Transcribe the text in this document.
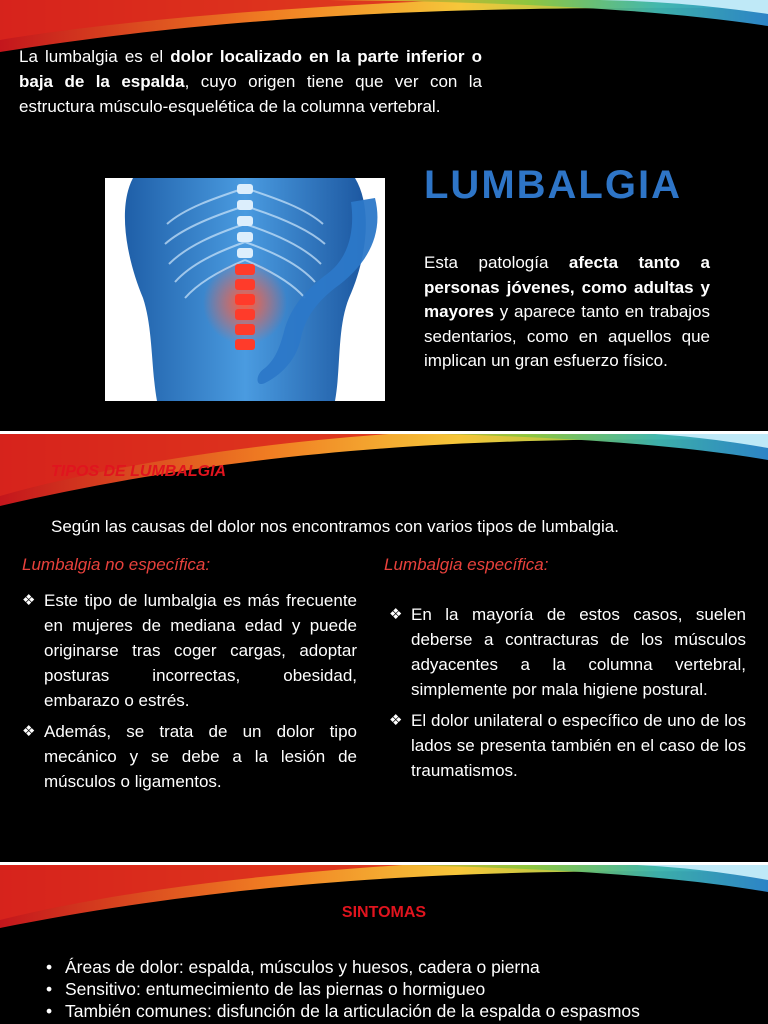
La lumbalgia es el dolor localizado en la parte inferior o baja de la espalda, cuyo origen tiene que ver con la estructura músculo-esquelética de la columna vertebral.
LUMBALGIA
Esta patología afecta tanto a personas jóvenes, como adultas y mayores y aparece tanto en trabajos sedentarios, como en aquellos que implican un gran esfuerzo físico.
TIPOS DE LUMBALGIA
Según las causas del dolor nos encontramos con varios tipos de lumbalgia.
Lumbalgia no específica:	Lumbalgia específica:
❖ Este tipo de lumbalgia es más frecuente en mujeres de mediana edad y puede originarse tras coger cargas, adoptar posturas incorrectas, obesidad, embarazo o estrés.
❖ Además, se trata de un dolor tipo mecánico y se debe a la lesión de músculos o ligamentos.
❖ En la mayoría de estos casos, suelen deberse a contracturas de los músculos adyacentes a la columna vertebral, simplemente por mala higiene postural.
❖ El dolor unilateral o específico de uno de los lados se presenta también en el caso de los traumatismos.
SINTOMAS
• Áreas de dolor: espalda, músculos y huesos, cadera o pierna
• Sensitivo: entumecimiento de las piernas o hormigueo
• También comunes: disfunción de la articulación de la espalda o espasmos
